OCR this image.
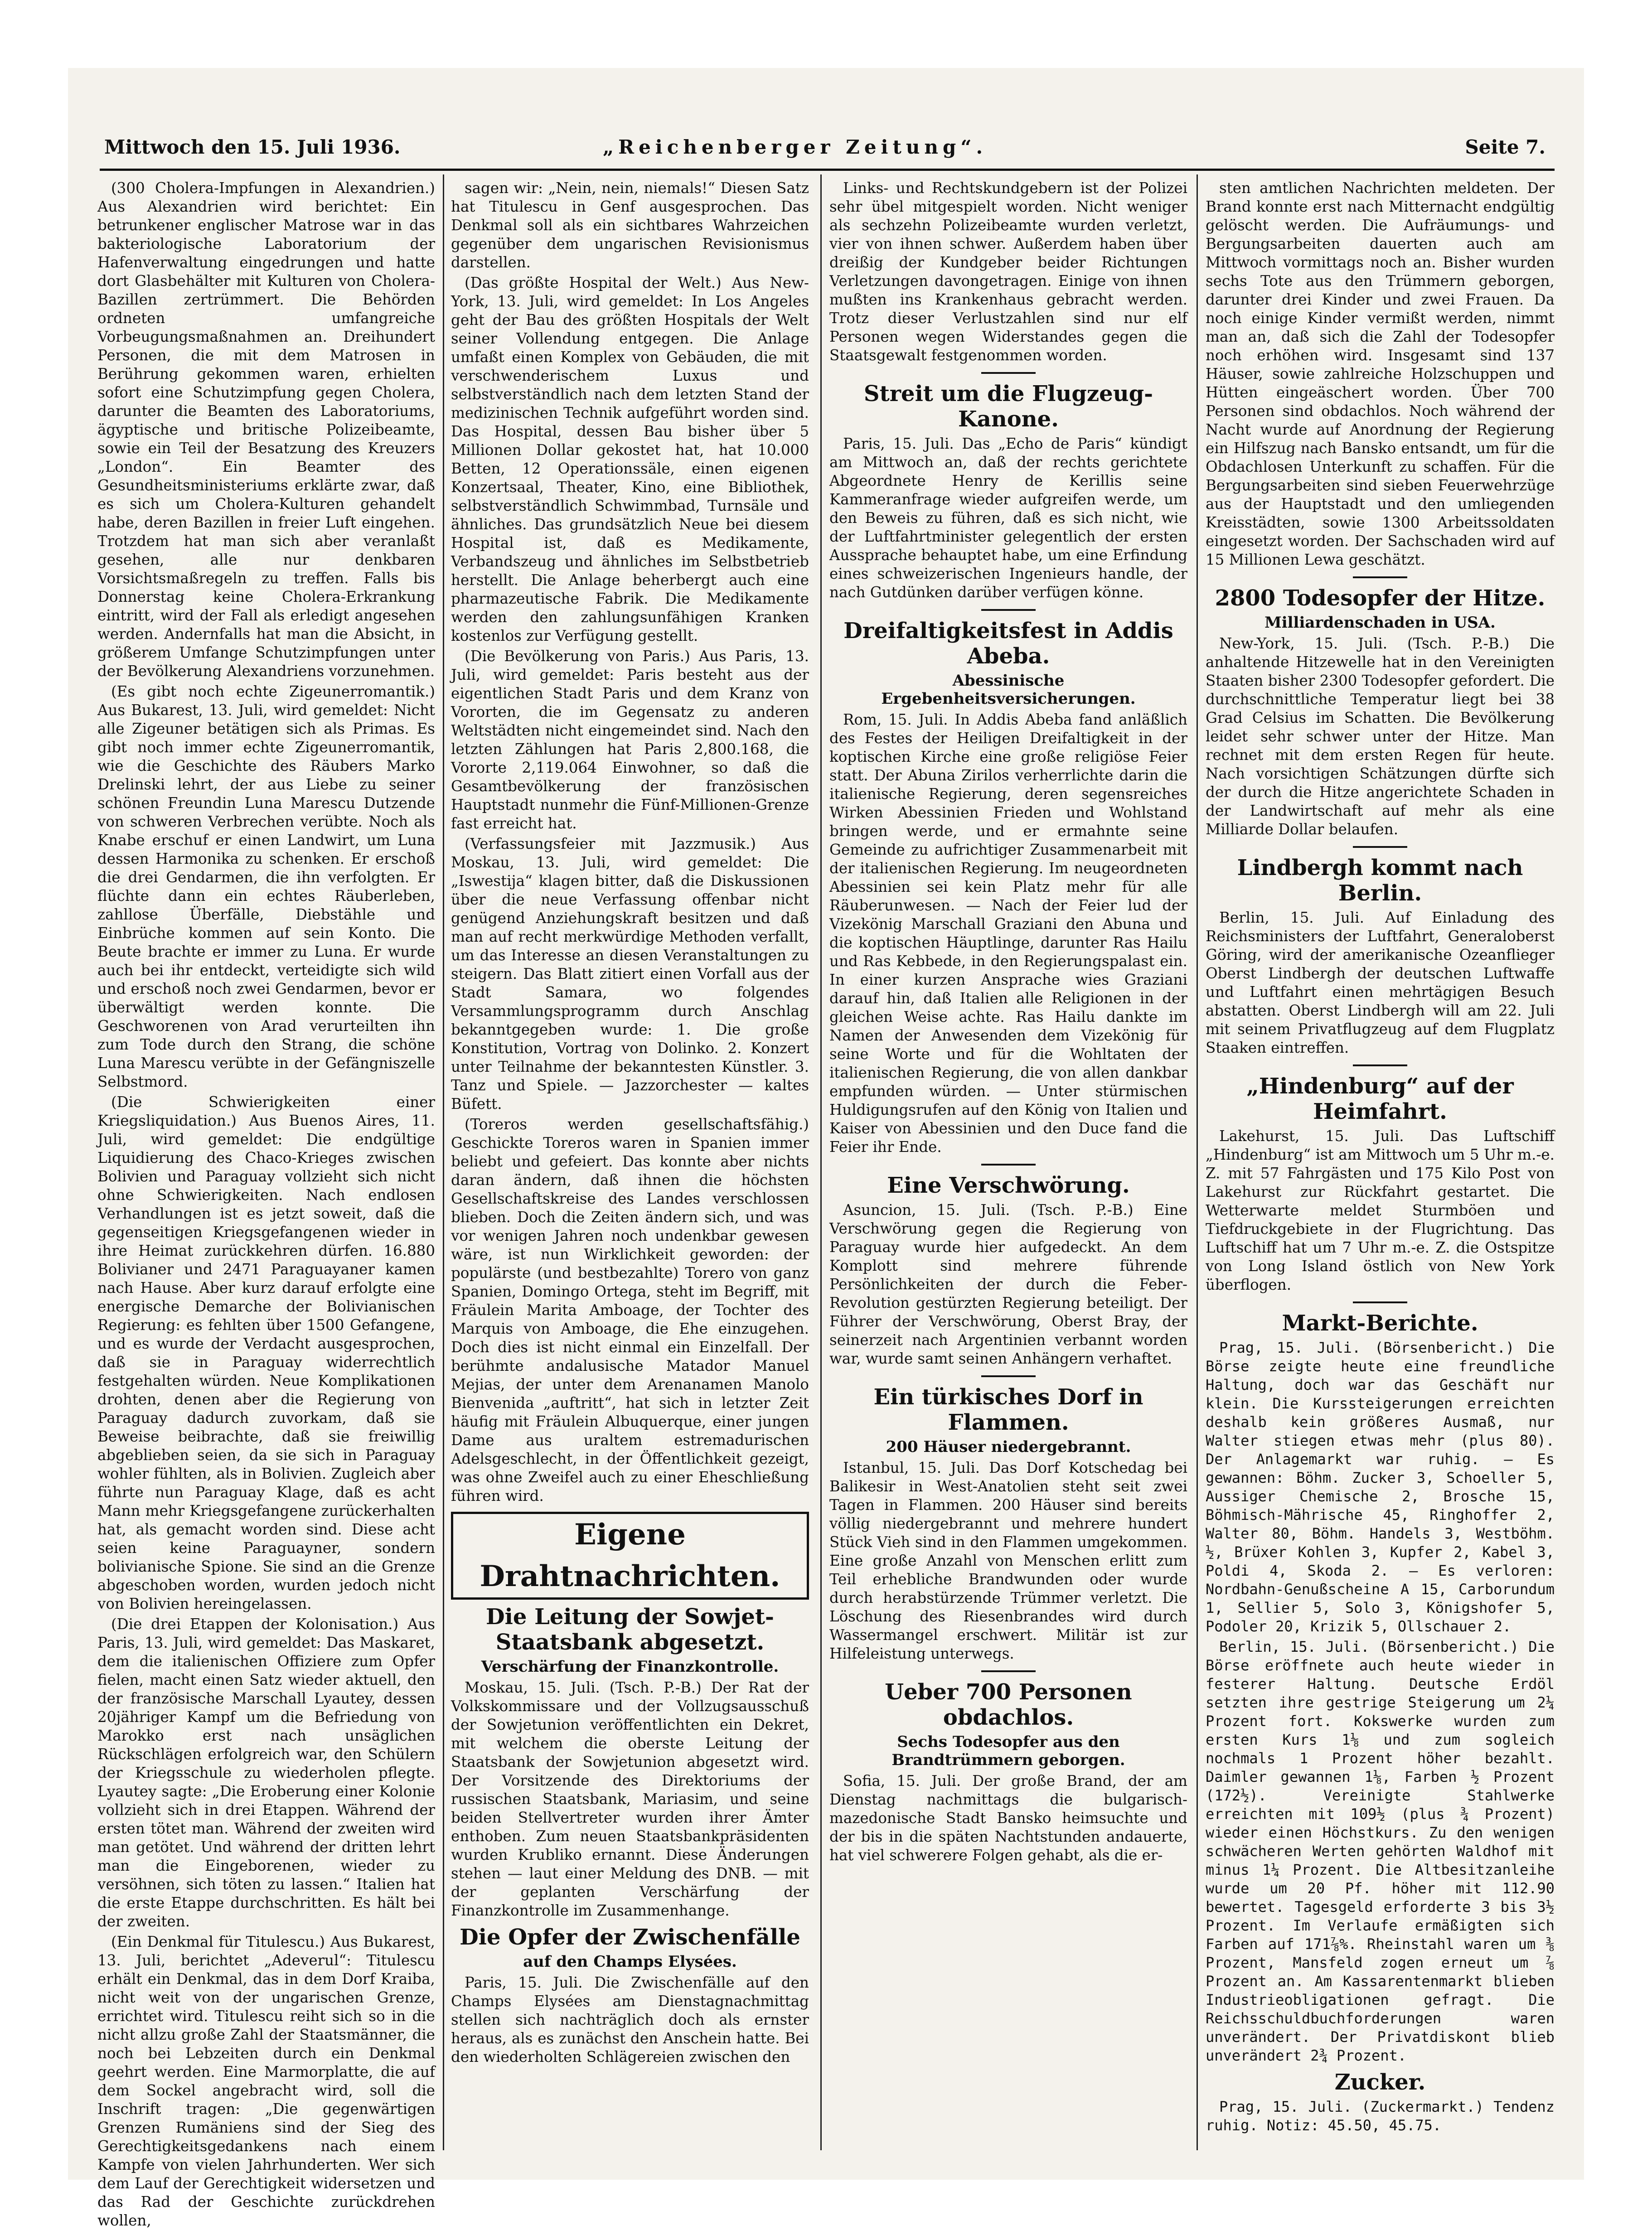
Mittwoch den 15. Juli 1936.	„Reichenberger Zeitung“.	Seite 7.

(300 Cholera-Impfungen in Alexandrien.) Aus Alexandrien wird berichtet: Ein betrunkener englischer Matrose war in das bakteriologische Laboratorium der Hafenverwaltung eingedrungen und hatte dort Glasbehälter mit Kulturen von Cholera-Bazillen zertrümmert. Die Behörden ordneten umfangreiche Vorbeugungsmaßnahmen an. Dreihundert Personen, die mit dem Matrosen in Berührung gekommen waren, erhielten sofort eine Schutzimpfung gegen Cholera, darunter die Beamten des Laboratoriums, ägyptische und britische Polizeibeamte, sowie ein Teil der Besatzung des Kreuzers „London“. Ein Beamter des Gesundheitsministeriums erklärte zwar, daß es sich um Cholera-Kulturen gehandelt habe, deren Bazillen in freier Luft eingehen. Trotzdem hat man sich aber veranlaßt gesehen, alle nur denkbaren Vorsichtsmaßregeln zu treffen. Falls bis Donnerstag keine Cholera-Erkrankung eintritt, wird der Fall als erledigt angesehen werden. Andernfalls hat man die Absicht, in größerem Umfange Schutzimpfungen unter der Bevölkerung Alexandriens vorzunehmen.

(Es gibt noch echte Zigeunerromantik.) Aus Bukarest, 13. Juli, wird gemeldet: Nicht alle Zigeuner betätigen sich als Primas. Es gibt noch immer echte Zigeunerromantik, wie die Geschichte des Räubers Marko Drelinski lehrt, der aus Liebe zu seiner schönen Freundin Luna Marescu Dutzende von schweren Verbrechen verübte. Noch als Knabe erschuf er einen Landwirt, um Luna dessen Harmonika zu schenken. Er erschoß die drei Gendarmen, die ihn verfolgten. Er flüchte dann ein echtes Räuberleben, zahllose Überfälle, Diebstähle und Einbrüche kommen auf sein Konto. Die Beute brachte er immer zu Luna. Er wurde auch bei ihr entdeckt, verteidigte sich wild und erschoß noch zwei Gendarmen, bevor er überwältigt werden konnte. Die Geschworenen von Arad verurteilten ihn zum Tode durch den Strang, die schöne Luna Marescu verübte in der Gefängniszelle Selbstmord.

(Die Schwierigkeiten einer Kriegsliquidation.) Aus Buenos Aires, 11. Juli, wird gemeldet: Die endgültige Liquidierung des Chaco-Krieges zwischen Bolivien und Paraguay vollzieht sich nicht ohne Schwierigkeiten. Nach endlosen Verhandlungen ist es jetzt soweit, daß die gegenseitigen Kriegsgefangenen wieder in ihre Heimat zurückkehren dürfen. 16.880 Bolivianer und 2471 Paraguayaner kamen nach Hause. Aber kurz darauf erfolgte eine energische Demarche der Bolivianischen Regierung: es fehlten über 1500 Gefangene, und es wurde der Verdacht ausgesprochen, daß sie in Paraguay widerrechtlich festgehalten würden. Neue Komplikationen drohten, denen aber die Regierung von Paraguay dadurch zuvorkam, daß sie Beweise beibrachte, daß sie freiwillig abgeblieben seien, da sie sich in Paraguay wohler fühlten, als in Bolivien. Zugleich aber führte nun Paraguay Klage, daß es acht Mann mehr Kriegsgefangene zurückerhalten hat, als gemacht worden sind. Diese acht seien keine Paraguayner, sondern bolivianische Spione. Sie sind an die Grenze abgeschoben worden, wurden jedoch nicht von Bolivien hereingelassen.

(Die drei Etappen der Kolonisation.) Aus Paris, 13. Juli, wird gemeldet: Das Maskaret, dem die italienischen Offiziere zum Opfer fielen, macht einen Satz wieder aktuell, den der französische Marschall Lyautey, dessen 20jähriger Kampf um die Befriedung von Marokko erst nach unsäglichen Rückschlägen erfolgreich war, den Schülern der Kriegsschule zu wiederholen pflegte. Lyautey sagte: „Die Eroberung einer Kolonie vollzieht sich in drei Etappen. Während der ersten tötet man. Während der zweiten wird man getötet. Und während der dritten lehrt man die Eingeborenen, wieder zu versöhnen, sich töten zu lassen.“ Italien hat die erste Etappe durchschritten. Es hält bei der zweiten.

(Ein Denkmal für Titulescu.) Aus Bukarest, 13. Juli, berichtet „Adeverul“: Titulescu erhält ein Denkmal, das in dem Dorf Kraiba, nicht weit von der ungarischen Grenze, errichtet wird. Titulescu reiht sich so in die nicht allzu große Zahl der Staatsmänner, die noch bei Lebzeiten durch ein Denkmal geehrt werden. Eine Marmorplatte, die auf dem Sockel angebracht wird, soll die Inschrift tragen: „Die gegenwärtigen Grenzen Rumäniens sind der Sieg des Gerechtigkeitsgedankens nach einem Kampfe von vielen Jahrhunderten. Wer sich dem Lauf der Gerechtigkeit widersetzen und das Rad der Geschichte zurückdrehen wollen,

sagen wir: „Nein, nein, niemals!“ Diesen Satz hat Titulescu in Genf ausgesprochen. Das Denkmal soll als ein sichtbares Wahrzeichen gegenüber dem ungarischen Revisionismus darstellen.

(Das größte Hospital der Welt.) Aus New-York, 13. Juli, wird gemeldet: In Los Angeles geht der Bau des größten Hospitals der Welt seiner Vollendung entgegen. Die Anlage umfaßt einen Komplex von Gebäuden, die mit verschwenderischem Luxus und selbstverständlich nach dem letzten Stand der medizinischen Technik aufgeführt worden sind. Das Hospital, dessen Bau bisher über 5 Millionen Dollar gekostet hat, hat 10.000 Betten, 12 Operationssäle, einen eigenen Konzertsaal, Theater, Kino, eine Bibliothek, selbstverständlich Schwimmbad, Turnsäle und ähnliches. Das grundsätzlich Neue bei diesem Hospital ist, daß es Medikamente, Verbandszeug und ähnliches im Selbstbetrieb herstellt. Die Anlage beherbergt auch eine pharmazeutische Fabrik. Die Medikamente werden den zahlungsunfähigen Kranken kostenlos zur Verfügung gestellt.

(Die Bevölkerung von Paris.) Aus Paris, 13. Juli, wird gemeldet: Paris besteht aus der eigentlichen Stadt Paris und dem Kranz von Vororten, die im Gegensatz zu anderen Weltstädten nicht eingemeindet sind. Nach den letzten Zählungen hat Paris 2,800.168, die Vororte 2,119.064 Einwohner, so daß die Gesamtbevölkerung der französischen Hauptstadt nunmehr die Fünf-Millionen-Grenze fast erreicht hat.

(Verfassungsfeier mit Jazzmusik.) Aus Moskau, 13. Juli, wird gemeldet: Die „Iswestija“ klagen bitter, daß die Diskussionen über die neue Verfassung offenbar nicht genügend Anziehungskraft besitzen und daß man auf recht merkwürdige Methoden verfallt, um das Interesse an diesen Veranstaltungen zu steigern. Das Blatt zitiert einen Vorfall aus der Stadt Samara, wo folgendes Versammlungsprogramm durch Anschlag bekanntgegeben wurde: 1. Die große Konstitution, Vortrag von Dolinko. 2. Konzert unter Teilnahme der bekanntesten Künstler. 3. Tanz und Spiele. — Jazzorchester — kaltes Büfett.

(Toreros werden gesellschaftsfähig.) Geschickte Toreros waren in Spanien immer beliebt und gefeiert. Das konnte aber nichts daran ändern, daß ihnen die höchsten Gesellschaftskreise des Landes verschlossen blieben. Doch die Zeiten ändern sich, und was vor wenigen Jahren noch undenkbar gewesen wäre, ist nun Wirklichkeit geworden: der populärste (und bestbezahlte) Torero von ganz Spanien, Domingo Ortega, steht im Begriff, mit Fräulein Marita Amboage, der Tochter des Marquis von Amboage, die Ehe einzugehen. Doch dies ist nicht einmal ein Einzelfall. Der berühmte andalusische Matador Manuel Mejias, der unter dem Arenanamen Manolo Bienvenida „auftritt“, hat sich in letzter Zeit häufig mit Fräulein Albuquerque, einer jungen Dame aus uraltem estremadurischen Adelsgeschlecht, in der Öffentlichkeit gezeigt, was ohne Zweifel auch zu einer Eheschließung führen wird.

Eigene Drahtnachrichten.
Die Leitung der Sowjet-Staatsbank abgesetzt.
Verschärfung der Finanzkontrolle.

Moskau, 15. Juli. (Tsch. P.-B.) Der Rat der Volkskommissare und der Vollzugsausschuß der Sowjetunion veröffentlichten ein Dekret, mit welchem die oberste Leitung der Staatsbank der Sowjetunion abgesetzt wird. Der Vorsitzende des Direktoriums der russischen Staatsbank, Mariasim, und seine beiden Stellvertreter wurden ihrer Ämter enthoben. Zum neuen Staatsbankpräsidenten wurden Krubliko ernannt. Diese Änderungen stehen — laut einer Meldung des DNB. — mit der geplanten Verschärfung der Finanzkontrolle im Zusammenhange.

Die Opfer der Zwischenfälle
auf den Champs Elysées.

Paris, 15. Juli. Die Zwischenfälle auf den Champs Elysées am Dienstagnachmittag stellen sich nachträglich doch als ernster heraus, als es zunächst den Anschein hatte. Bei den wiederholten Schlägereien zwischen den

Links- und Rechtskundgebern ist der Polizei sehr übel mitgespielt worden. Nicht weniger als sechzehn Polizeibeamte wurden verletzt, vier von ihnen schwer. Außerdem haben über dreißig der Kundgeber beider Richtungen Verletzungen davongetragen. Einige von ihnen mußten ins Krankenhaus gebracht werden. Trotz dieser Verlustzahlen sind nur elf Personen wegen Widerstandes gegen die Staatsgewalt festgenommen worden.

Streit um die Flugzeug-Kanone.

Paris, 15. Juli. Das „Echo de Paris“ kündigt am Mittwoch an, daß der rechts gerichtete Abgeordnete Henry de Kerillis seine Kammeranfrage wieder aufgreifen werde, um den Beweis zu führen, daß es sich nicht, wie der Luftfahrtminister gelegentlich der ersten Aussprache behauptet habe, um eine Erfindung eines schweizerischen Ingenieurs handle, der nach Gutdünken darüber verfügen könne.

Dreifaltigkeitsfest in Addis Abeba.
Abessinische Ergebenheitsversicherungen.

Rom, 15. Juli. In Addis Abeba fand anläßlich des Festes der Heiligen Dreifaltigkeit in der koptischen Kirche eine große religiöse Feier statt. Der Abuna Zirilos verherrlichte darin die italienische Regierung, deren segensreiches Wirken Abessinien Frieden und Wohlstand bringen werde, und er ermahnte seine Gemeinde zu aufrichtiger Zusammenarbeit mit der italienischen Regierung. Im neugeordneten Abessinien sei kein Platz mehr für alle Räuberunwesen. — Nach der Feier lud der Vizekönig Marschall Graziani den Abuna und die koptischen Häuptlinge, darunter Ras Hailu und Ras Kebbede, in den Regierungspalast ein. In einer kurzen Ansprache wies Graziani darauf hin, daß Italien alle Religionen in der gleichen Weise achte. Ras Hailu dankte im Namen der Anwesenden dem Vizekönig für seine Worte und für die Wohltaten der italienischen Regierung, die von allen dankbar empfunden würden. — Unter stürmischen Huldigungsrufen auf den König von Italien und Kaiser von Abessinien und den Duce fand die Feier ihr Ende.

Eine Verschwörung.

Asuncion, 15. Juli. (Tsch. P.-B.) Eine Verschwörung gegen die Regierung von Paraguay wurde hier aufgedeckt. An dem Komplott sind mehrere führende Persönlichkeiten der durch die Feber-Revolution gestürzten Regierung beteiligt. Der Führer der Verschwörung, Oberst Bray, der seinerzeit nach Argentinien verbannt worden war, wurde samt seinen Anhängern verhaftet.

Ein türkisches Dorf in Flammen.
200 Häuser niedergebrannt.

Istanbul, 15. Juli. Das Dorf Kotschedag bei Balikesir in West-Anatolien steht seit zwei Tagen in Flammen. 200 Häuser sind bereits völlig niedergebrannt und mehrere hundert Stück Vieh sind in den Flammen umgekommen. Eine große Anzahl von Menschen erlitt zum Teil erhebliche Brandwunden oder wurde durch herabstürzende Trümmer verletzt. Die Löschung des Riesenbrandes wird durch Wassermangel erschwert. Militär ist zur Hilfeleistung unterwegs.

Ueber 700 Personen obdachlos.
Sechs Todesopfer aus den Brandtrümmern geborgen.

Sofia, 15. Juli. Der große Brand, der am Dienstag nachmittags die bulgarisch-mazedonische Stadt Bansko heimsuchte und der bis in die späten Nachtstunden andauerte, hat viel schwerere Folgen gehabt, als die er-

sten amtlichen Nachrichten meldeten. Der Brand konnte erst nach Mitternacht endgültig gelöscht werden. Die Aufräumungs- und Bergungsarbeiten dauerten auch am Mittwoch vormittags noch an. Bisher wurden sechs Tote aus den Trümmern geborgen, darunter drei Kinder und zwei Frauen. Da noch einige Kinder vermißt werden, nimmt man an, daß sich die Zahl der Todesopfer noch erhöhen wird. Insgesamt sind 137 Häuser, sowie zahlreiche Holzschuppen und Hütten eingeäschert worden. Über 700 Personen sind obdachlos. Noch während der Nacht wurde auf Anordnung der Regierung ein Hilfszug nach Bansko entsandt, um für die Obdachlosen Unterkunft zu schaffen. Für die Bergungsarbeiten sind sieben Feuerwehrzüge aus der Hauptstadt und den umliegenden Kreisstädten, sowie 1300 Arbeitssoldaten eingesetzt worden. Der Sachschaden wird auf 15 Millionen Lewa geschätzt.

2800 Todesopfer der Hitze.
Milliardenschaden in USA.

New-York, 15. Juli. (Tsch. P.-B.) Die anhaltende Hitzewelle hat in den Vereinigten Staaten bisher 2300 Todesopfer gefordert. Die durchschnittliche Temperatur liegt bei 38 Grad Celsius im Schatten. Die Bevölkerung leidet sehr schwer unter der Hitze. Man rechnet mit dem ersten Regen für heute. Nach vorsichtigen Schätzungen dürfte sich der durch die Hitze angerichtete Schaden in der Landwirtschaft auf mehr als eine Milliarde Dollar belaufen.

Lindbergh kommt nach Berlin.

Berlin, 15. Juli. Auf Einladung des Reichsministers der Luftfahrt, Generaloberst Göring, wird der amerikanische Ozeanflieger Oberst Lindbergh der deutschen Luftwaffe und Luftfahrt einen mehrtägigen Besuch abstatten. Oberst Lindbergh will am 22. Juli mit seinem Privatflugzeug auf dem Flugplatz Staaken eintreffen.

„Hindenburg“ auf der Heimfahrt.

Lakehurst, 15. Juli. Das Luftschiff „Hindenburg“ ist am Mittwoch um 5 Uhr m.-e. Z. mit 57 Fahrgästen und 175 Kilo Post von Lakehurst zur Rückfahrt gestartet. Die Wetterwarte meldet Sturmböen und Tiefdruckgebiete in der Flugrichtung. Das Luftschiff hat um 7 Uhr m.-e. Z. die Ostspitze von Long Island östlich von New York überflogen.

Markt-Berichte.

Prag, 15. Juli. (Börsenbericht.) Die Börse zeigte heute eine freundliche Haltung, doch war das Geschäft nur klein. Die Kurssteigerungen erreichten deshalb kein größeres Ausmaß, nur Walter stiegen etwas mehr (plus 80). Der Anlagemarkt war ruhig. — Es gewannen: Böhm. Zucker 3, Schoeller 5, Aussiger Chemische 2, Brosche 15, Böhmisch-Mährische 45, Ringhoffer 2, Walter 80, Böhm. Handels 3, Westböhm. ½, Brüxer Kohlen 3, Kupfer 2, Kabel 3, Poldi 4, Skoda 2. — Es verloren: Nordbahn-Genußscheine A 15, Carborundum 1, Sellier 5, Solo 3, Königshofer 5, Podoler 20, Krizik 5, Ollschauer 2.

Berlin, 15. Juli. (Börsenbericht.) Die Börse eröffnete auch heute wieder in festerer Haltung. Deutsche Erdöl setzten ihre gestrige Steigerung um 2¼ Prozent fort. Kokswerke wurden zum ersten Kurs 1⅛ und zum sogleich nochmals 1 Prozent höher bezahlt. Daimler gewannen 1⅛, Farben ½ Prozent (172½). Vereinigte Stahlwerke erreichten mit 109½ (plus ¾ Prozent) wieder einen Höchstkurs. Zu den wenigen schwächeren Werten gehörten Waldhof mit minus 1¼ Prozent. Die Altbesitzanleihe wurde um 20 Pf. höher mit 112.90 bewertet. Tagesgeld erforderte 3 bis 3½ Prozent. Im Verlaufe ermäßigten sich Farben auf 171⅞%. Rheinstahl waren um ⅜ Prozent, Mansfeld zogen erneut um ⅞ Prozent an. Am Kassarentenmarkt blieben Industrieobligationen gefragt. Die Reichsschuldbuchforderungen waren unverändert. Der Privatdiskont blieb unverändert 2¾ Prozent.

Zucker.

Prag, 15. Juli. (Zuckermarkt.) Tendenz ruhig. Notiz: 45.50, 45.75.
